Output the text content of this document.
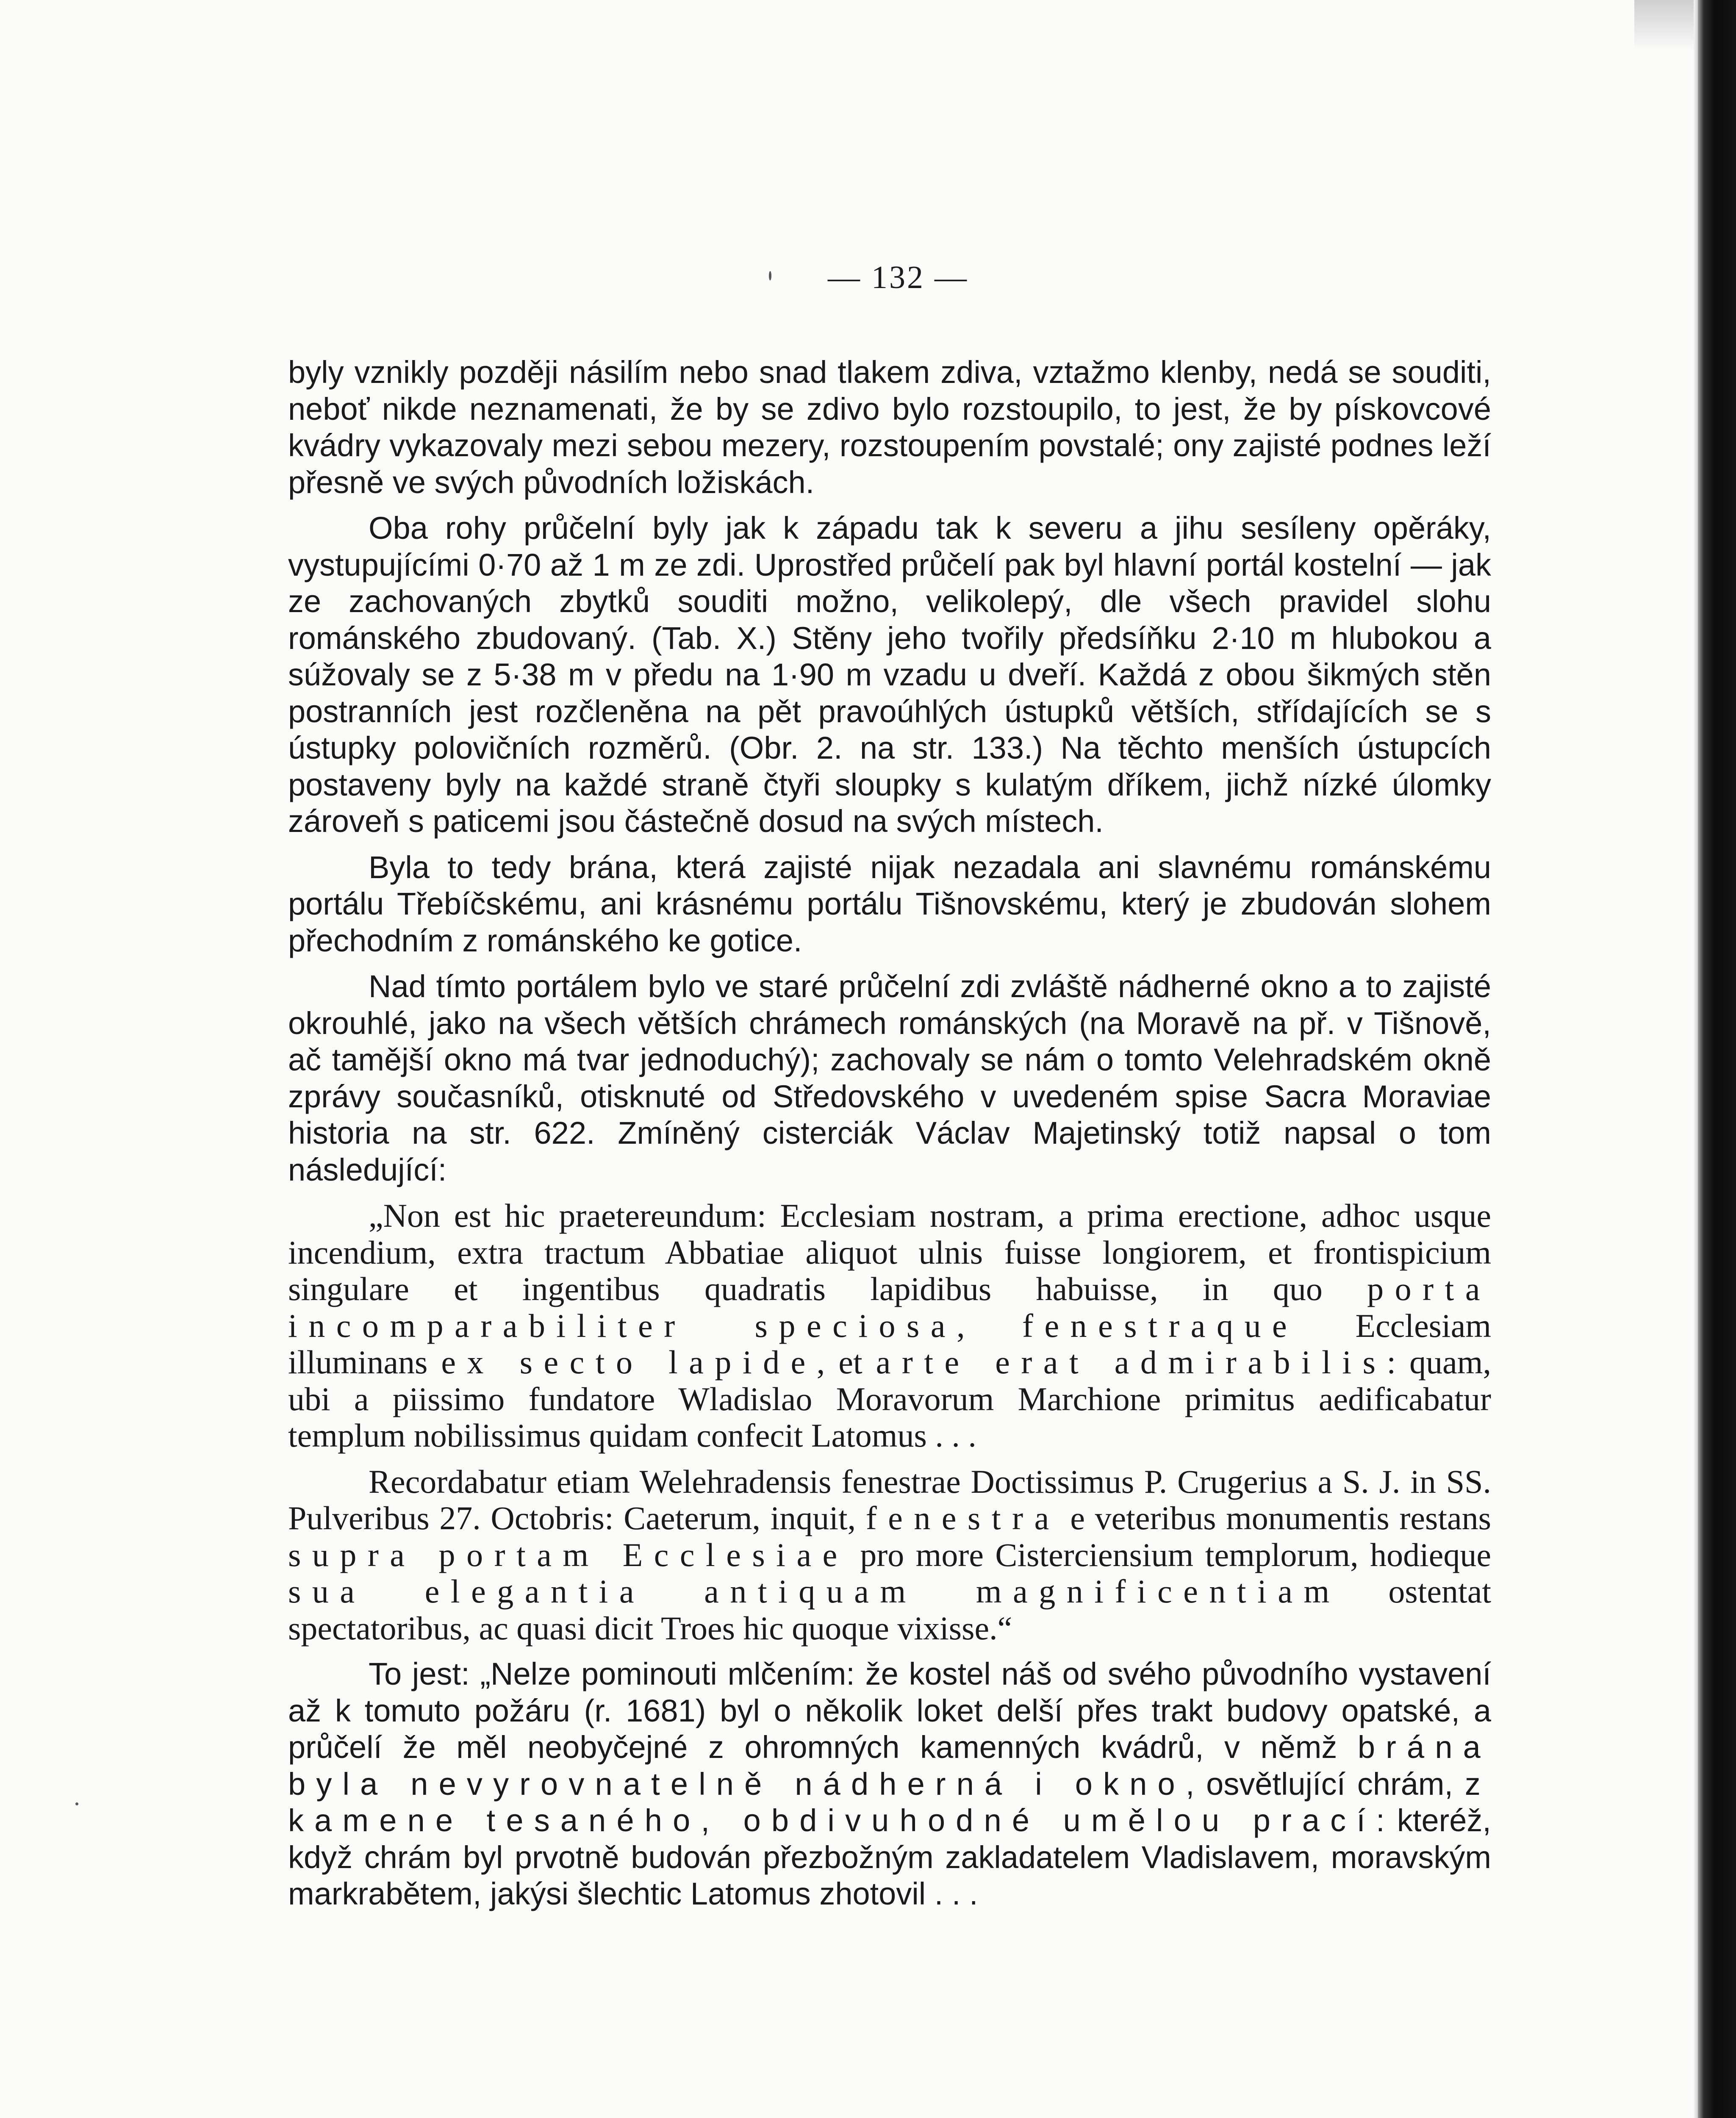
— 132 —

byly vznikly později násilím nebo snad tlakem zdiva, vztažmo klenby, nedá se souditi, neboť nikde neznamenati, že by se zdivo bylo rozstoupilo, to jest, že by pískovcové kvádry vykazovaly mezi sebou mezery, rozstoupením povstalé; ony zajisté podnes leží přesně ve svých původních ložiskách.

Oba rohy průčelní byly jak k západu tak k severu a jihu sesíleny opěráky, vystupujícími 0·70 až 1 m ze zdi. Uprostřed průčelí pak byl hlavní portál kostelní — jak ze zachovaných zbytků souditi možno, velikolepý, dle všech pravidel slohu románského zbudovaný. (Tab. X.) Stěny jeho tvořily předsíňku 2·10 m hlubokou a súžovaly se z 5·38 m v předu na 1·90 m vzadu u dveří. Každá z obou šikmých stěn postranních jest rozčleněna na pět pravoúhlých ústupků větších, střídajících se s ústupky polovičních rozměrů. (Obr. 2. na str. 133.) Na těchto menších ústupcích postaveny byly na každé straně čtyři sloupky s kulatým dříkem, jichž nízké úlomky zároveň s paticemi jsou částečně dosud na svých místech.

Byla to tedy brána, která zajisté nijak nezadala ani slavnému románskému portálu Třebíčskému, ani krásnému portálu Tišnovskému, který je zbudován slohem přechodním z románského ke gotice.

Nad tímto portálem bylo ve staré průčelní zdi zvláště nádherné okno a to zajisté okrouhlé, jako na všech větších chrámech románských (na Moravě na př. v Tišnově, ač tamější okno má tvar jednoduchý); zachovaly se nám o tomto Velehradském okně zprávy současníků, otisknuté od Středovského v uvedeném spise Sacra Moraviae historia na str. 622. Zmíněný cisterciák Václav Majetinský totiž napsal o tom následující:

„Non est hic praetereundum: Ecclesiam nostram, a prima erectione, adhoc usque incendium, extra tractum Abbatiae aliquot ulnis fuisse longiorem, et frontispicium singulare et ingentibus quadratis lapidibus habuisse, in quo porta incomparabiliter speciosa, fenestraque Ecclesiam illuminans ex secto lapide, et arte erat admirabilis: quam, ubi a piissimo fundatore Wladislao Moravorum Marchione primitus aedificabatur templum nobilissimus quidam confecit Latomus . . .

Recordabatur etiam Welehradensis fenestrae Doctissimus P. Crugerius a S. J. in SS. Pulveribus 27. Octobris: Caeterum, inquit, fenestra e veteribus monumentis restans supra portam Ecclesiae pro more Cisterciensium templorum, hodieque sua elegantia antiquam magnificentiam ostentat spectatoribus, ac quasi dicit Troes hic quoque vixisse.“

To jest: „Nelze pominouti mlčením: že kostel náš od svého původního vystavení až k tomuto požáru (r. 1681) byl o několik loket delší přes trakt budovy opatské, a průčelí že měl neobyčejné z ohromných kamenných kvádrů, v němž brána byla nevyrovnatelně nádherná i okno, osvětlující chrám, z kamene tesaného, obdivuhodné umělou prací: kteréž, když chrám byl prvotně budován přezbožným zakladatelem Vladislavem, moravským markrabětem, jakýsi šlechtic Latomus zhotovil . . .
